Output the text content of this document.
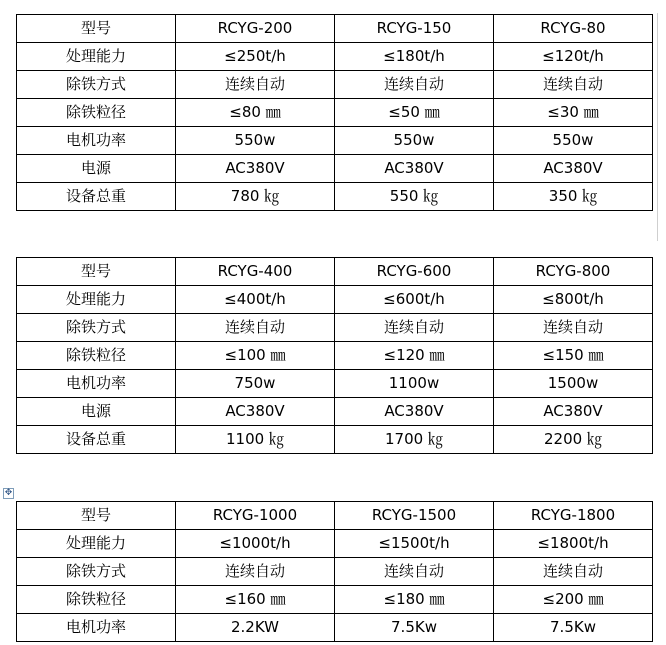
型号	RCYG-200	RCYG-150	RCYG-80
处理能力	≤250t/h	≤180t/h	≤120t/h
除铁方式	连续自动	连续自动	连续自动
除铁粒径	≤80 ㎜	≤50 ㎜	≤30 ㎜
电机功率	550w	550w	550w
电源	AC380V	AC380V	AC380V
设备总重	780 ㎏	550 ㎏	350 ㎏
型号	RCYG-400	RCYG-600	RCYG-800
处理能力	≤400t/h	≤600t/h	≤800t/h
除铁方式	连续自动	连续自动	连续自动
除铁粒径	≤100 ㎜	≤120 ㎜	≤150 ㎜
电机功率	750w	1100w	1500w
电源	AC380V	AC380V	AC380V
设备总重	1100 ㎏	1700 ㎏	2200 ㎏
✥
型号	RCYG-1000	RCYG-1500	RCYG-1800
处理能力	≤1000t/h	≤1500t/h	≤1800t/h
除铁方式	连续自动	连续自动	连续自动
除铁粒径	≤160 ㎜	≤180 ㎜	≤200 ㎜
电机功率	2.2KW	7.5Kw	7.5Kw
